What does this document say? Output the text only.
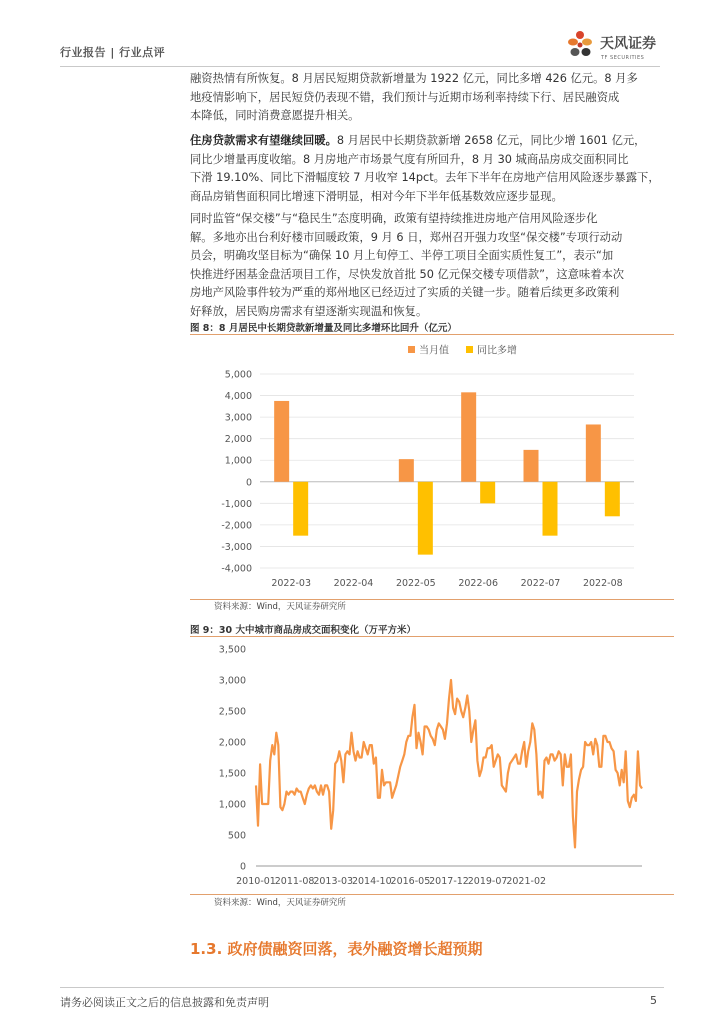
行业报告 | 行业点评
天风证券
TF SECURITIES

融资热情有所恢复。8 月居民短期贷款新增量为 1922 亿元，同比多增 426 亿元。8 月多

地疫情影响下，居民短贷仍表现不错，我们预计与近期市场利率持续下行、居民融资成

本降低，同时消费意愿提升相关。

住房贷款需求有望继续回暖。8 月居民中长期贷款新增 2658 亿元，同比少增 1601 亿元，

同比少增量再度收缩。8 月房地产市场景气度有所回升，8 月 30 城商品房成交面积同比

下滑 19.10%、同比下滑幅度较 7 月收窄 14pct。去年下半年在房地产信用风险逐步暴露下，

商品房销售面积同比增速下滑明显，相对今年下半年低基数效应逐步显现。

同时监管“保交楼”与“稳民生”态度明确，政策有望持续推进房地产信用风险逐步化

解。多地亦出台利好楼市回暖政策，9 月 6 日，郑州召开强力攻坚“保交楼”专项行动动

员会，明确攻坚目标为“确保 10 月上旬停工、半停工项目全面实质性复工”，表示“加

快推进纾困基金盘活项目工作，尽快发放首批 50 亿元保交楼专项借款”，这意味着本次

房地产风险事件较为严重的郑州地区已经迈过了实质的关键一步。随着后续更多政策利

好释放，居民购房需求有望逐渐实现温和恢复。

图 8：8 月居民中长期贷款新增量及同比多增环比回升（亿元）
5,000
4,000
3,000
2,000
1,000
0
-1,000
-2,000
-3,000
-4,000
2022-03 2022-04 2022-05 2022-06 2022-07 2022-08
当月值	同比多增
资料来源：Wind，天风证券研究所
图 9：30 大中城市商品房成交面积变化（万平方米）
3,500
3,000
2,500
2,000
1,500
1,000
500
0
2010-01
2011-08
2013-03
2014-10
2016-05
2017-12
2019-07
2021-02
资料来源：Wind，天风证券研究所
1.3. 政府债融资回落，表外融资增长超预期
请务必阅读正文之后的信息披露和免责声明	5
